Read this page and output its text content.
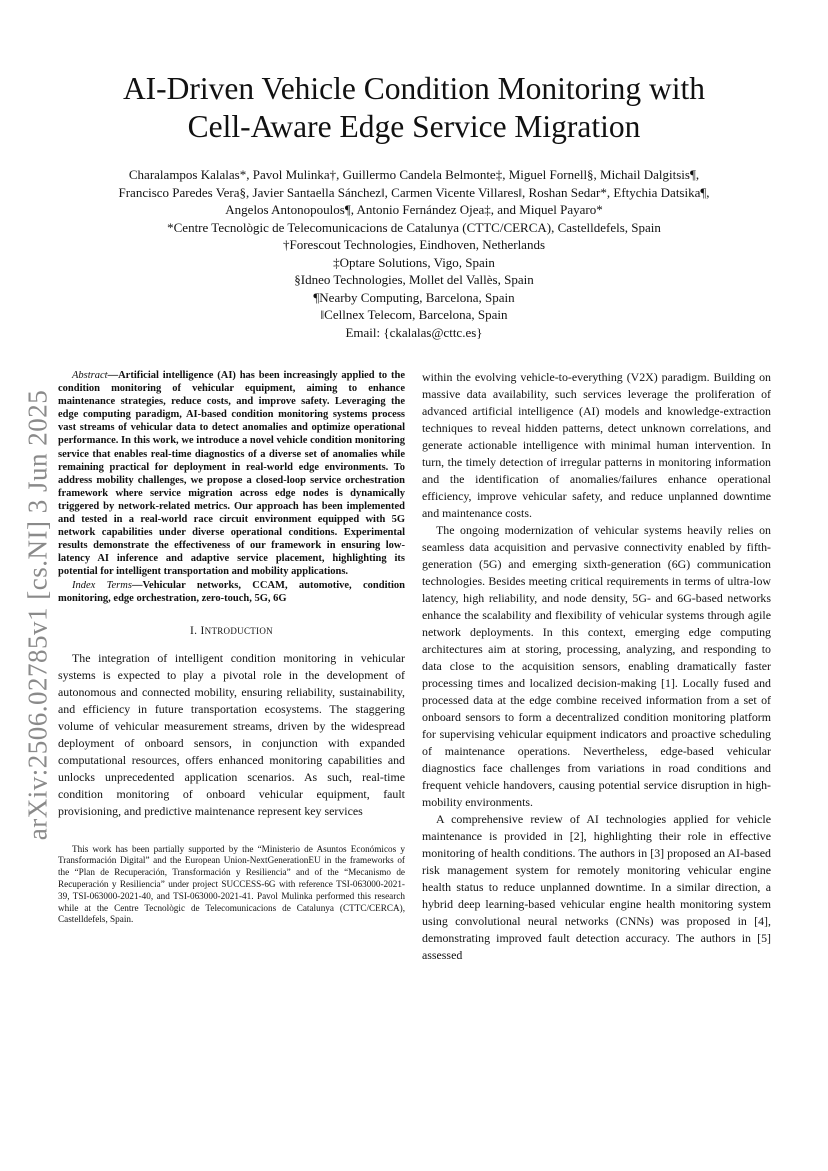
arXiv:2506.02785v1 [cs.NI] 3 Jun 2025
AI-Driven Vehicle Condition Monitoring with
Cell-Aware Edge Service Migration
Charalampos Kalalas*, Pavol Mulinka†, Guillermo Candela Belmonte‡, Miguel Fornell§, Michail Dalgitsis¶,
Francisco Paredes Vera§, Javier Santaella Sánchez‖, Carmen Vicente Villares‖, Roshan Sedar*, Eftychia Datsika¶,
Angelos Antonopoulos¶, Antonio Fernández Ojea‡, and Miquel Payaro*
*Centre Tecnològic de Telecomunicacions de Catalunya (CTTC/CERCA), Castelldefels, Spain
†Forescout Technologies, Eindhoven, Netherlands
‡Optare Solutions, Vigo, Spain
§Idneo Technologies, Mollet del Vallès, Spain
¶Nearby Computing, Barcelona, Spain
‖Cellnex Telecom, Barcelona, Spain
Email: {ckalalas@cttc.es}

Abstract—Artificial intelligence (AI) has been increasingly applied to the condition monitoring of vehicular equipment, aiming to enhance maintenance strategies, reduce costs, and improve safety. Leveraging the edge computing paradigm, AI-based condition monitoring systems process vast streams of vehicular data to detect anomalies and optimize operational performance. In this work, we introduce a novel vehicle condition monitoring service that enables real-time diagnostics of a diverse set of anomalies while remaining practical for deployment in real-world edge environments. To address mobility challenges, we propose a closed-loop service orchestration framework where service migration across edge nodes is dynamically triggered by network-related metrics. Our approach has been implemented and tested in a real-world race circuit environment equipped with 5G network capabilities under diverse operational conditions. Experimental results demonstrate the effectiveness of our framework in ensuring low-latency AI inference and adaptive service placement, highlighting its potential for intelligent transportation and mobility applications.

Index Terms—Vehicular networks, CCAM, automotive, condition monitoring, edge orchestration, zero-touch, 5G, 6G

I. INTRODUCTION

The integration of intelligent condition monitoring in vehicular systems is expected to play a pivotal role in the development of autonomous and connected mobility, ensuring reliability, sustainability, and efficiency in future transportation ecosystems. The staggering volume of vehicular measurement streams, driven by the widespread deployment of onboard sensors, in conjunction with expanded computational resources, offers enhanced monitoring capabilities and unlocks unprecedented application scenarios. As such, real-time condition monitoring of onboard vehicular equipment, fault provisioning, and predictive maintenance represent key services

This work has been partially supported by the “Ministerio de Asuntos Económicos y Transformación Digital” and the European Union-NextGenerationEU in the frameworks of the “Plan de Recuperación, Transformación y Resiliencia” and of the “Mecanismo de Recuperación y Resiliencia” under project SUCCESS-6G with reference TSI-063000-2021-39, TSI-063000-2021-40, and TSI-063000-2021-41. Pavol Mulinka performed this research while at the Centre Tecnològic de Telecomunicacions de Catalunya (CTTC/CERCA), Castelldefels, Spain.

within the evolving vehicle-to-everything (V2X) paradigm. Building on massive data availability, such services leverage the proliferation of advanced artificial intelligence (AI) models and knowledge-extraction techniques to reveal hidden patterns, detect unknown correlations, and generate actionable intelligence with minimal human intervention. In turn, the timely detection of irregular patterns in monitoring information and the identification of anomalies/failures enhance operational efficiency, improve vehicular safety, and reduce unplanned downtime and maintenance costs.

The ongoing modernization of vehicular systems heavily relies on seamless data acquisition and pervasive connectivity enabled by fifth-generation (5G) and emerging sixth-generation (6G) communication technologies. Besides meeting critical requirements in terms of ultra-low latency, high reliability, and node density, 5G- and 6G-based networks enhance the scalability and flexibility of vehicular systems through agile network deployments. In this context, emerging edge computing architectures aim at storing, processing, analyzing, and responding to data close to the acquisition sensors, enabling dramatically faster processing times and localized decision-making [1]. Locally fused and processed data at the edge combine received information from a set of onboard sensors to form a decentralized condition monitoring platform for supervising vehicular equipment indicators and proactive scheduling of maintenance operations. Nevertheless, edge-based vehicular diagnostics face challenges from variations in road conditions and frequent vehicle handovers, causing potential service disruption in high-mobility environments.

A comprehensive review of AI technologies applied for vehicle maintenance is provided in [2], highlighting their role in effective monitoring of health conditions. The authors in [3] proposed an AI-based risk management system for remotely monitoring vehicular engine health status to reduce unplanned downtime. In a similar direction, a hybrid deep learning-based vehicular engine health monitoring system using convolutional neural networks (CNNs) was proposed in [4], demonstrating improved fault detection accuracy. The authors in [5] assessed
